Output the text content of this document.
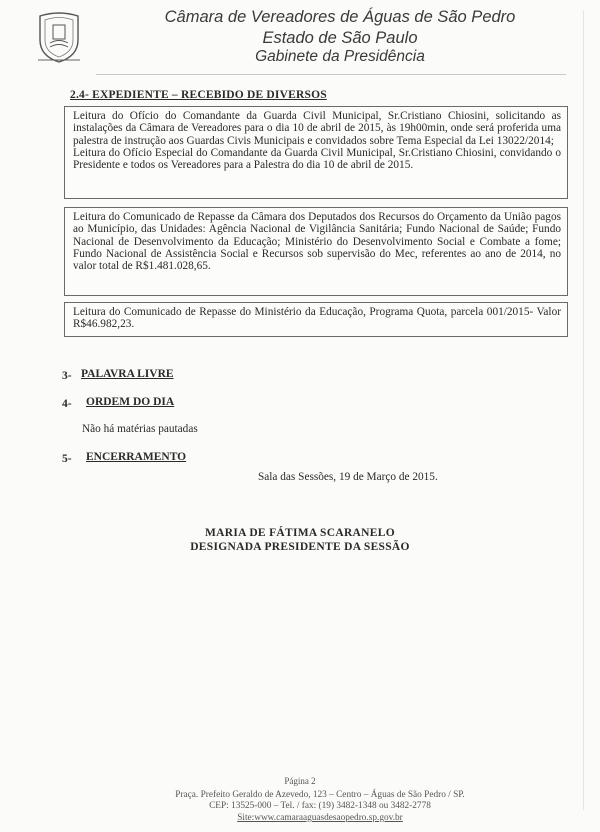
Câmara de Vereadores de Águas de São Pedro
Estado de São Paulo
Gabinete da Presidência
2.4- EXPEDIENTE – RECEBIDO DE DIVERSOS

Leitura do Ofício do Comandante da Guarda Civil Municipal, Sr.Cristiano Chiosini, solicitando as instalações da Câmara de Vereadores para o dia 10 de abril de 2015, às 19h00min, onde será proferida uma palestra de instrução aos Guardas Civis Municipais e convidados sobre Tema Especial da Lei 13022/2014;

Leitura do Ofício Especial do Comandante da Guarda Civil Municipal, Sr.Cristiano Chiosini, convidando o Presidente e todos os Vereadores para a Palestra do dia 10 de abril de 2015.

Leitura do Comunicado de Repasse da Câmara dos Deputados dos Recursos do Orçamento da União pagos ao Município, das Unidades: Agência Nacional de Vigilância Sanitária; Fundo Nacional de Saúde; Fundo Nacional de Desenvolvimento da Educação; Ministério do Desenvolvimento Social e Combate a fome; Fundo Nacional de Assistência Social e Recursos sob supervisão do Mec, referentes ao ano de 2014, no valor total de R$1.481.028,65.

Leitura do Comunicado de Repasse do Ministério da Educação, Programa Quota, parcela 001/2015- Valor R$46.982,23.

3- PALAVRA LIVRE
4- ORDEM DO DIA
Não há matérias pautadas
5- ENCERRAMENTO
Sala das Sessões, 19 de Março de 2015.
MARIA DE FÁTIMA SCARANELO
DESIGNADA PRESIDENTE DA SESSÃO
Página 2
Praça. Prefeito Geraldo de Azevedo, 123 – Centro – Águas de São Pedro / SP.
CEP: 13525-000 – Tel. / fax: (19) 3482-1348 ou 3482-2778
Site:www.camaraaguasdesaopedro.sp.gov.br
